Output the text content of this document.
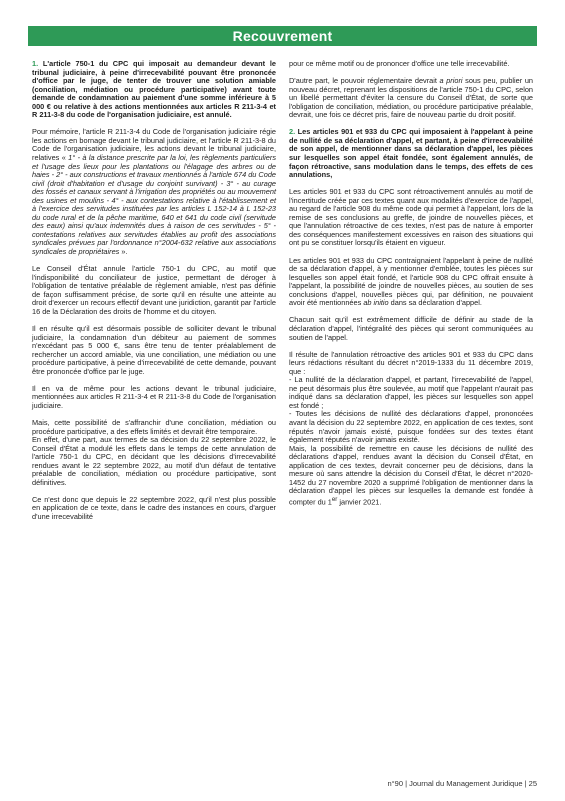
Recouvrement

1. L'article 750-1 du CPC qui imposait au demandeur devant le tribunal judiciaire, à peine d'irrecevabilité pouvant être prononcée d'office par le juge, de tenter de trouver une solution amiable (conciliation, médiation ou procédure participative) avant toute demande de condamnation au paiement d'une somme inférieure à 5 000 € ou relative à des actions mentionnées aux articles R 211-3-4 et R 211-3-8 du code de l'organisation judiciaire, est annulé.

Pour mémoire, l'article R 211-3-4 du Code de l'organisation judiciaire régie les actions en bornage devant le tribunal judiciaire, et l'article R 211-3-8 du Code de l'organisation judiciaire, les actions devant le tribunal judiciaire, relatives « 1° - à la distance prescrite par la loi, les règlements particuliers et l'usage des lieux pour les plantations ou l'élagage des arbres ou de haies - 2° - aux constructions et travaux mentionnés à l'article 674 du Code civil (droit d'habitation et d'usage du conjoint survivant) - 3° - au curage des fossés et canaux servant à l'irrigation des propriétés ou au mouvement des usines et moulins - 4° - aux contestations relative à l'établissement et à l'exercice des servitudes instituées par les articles L 152-14 à L 152-23 du code rural et de la pêche maritime, 640 et 641 du code civil (servitude des eaux) ainsi qu'aux indemnités dues à raison de ces servitudes - 5° - contestations relatives aux servitudes établies au profit des associations syndicales prévues par l'ordonnance n°2004-632 relative aux associations syndicales de propriétaires ».

Le Conseil d'État annule l'article 750-1 du CPC, au motif que l'indisponibilité du conciliateur de justice, permettant de déroger à l'obligation de tentative préalable de règlement amiable, n'est pas définie de façon suffisamment précise, de sorte qu'il en résulte une atteinte au droit d'exercer un recours effectif devant une juridiction, garantit par l'article 16 de la Déclaration des droits de l'homme et du citoyen.

Il en résulte qu'il est désormais possible de solliciter devant le tribunal judiciaire, la condamnation d'un débiteur au paiement de sommes n'excédant pas 5 000 €, sans être tenu de tenter préalablement de rechercher un accord amiable, via une conciliation, une médiation ou une procédure participative, à peine d'irrecevabilité de cette demande, pouvant être prononcée d'office par le juge.

Il en va de même pour les actions devant le tribunal judiciaire, mentionnées aux articles R 211-3-4 et R 211-3-8 du Code de l'organisation judiciaire.

Mais, cette possibilité de s'affranchir d'une conciliation, médiation ou procédure participative, a des effets limités et devrait être temporaire.

En effet, d'une part, aux termes de sa décision du 22 septembre 2022, le Conseil d'État a modulé les effets dans le temps de cette annulation de l'article 750-1 du CPC, en décidant que les décisions d'irrecevabilité rendues avant le 22 septembre 2022, au motif d'un défaut de tentative préalable de conciliation, médiation ou procédure participative, sont définitives.

Ce n'est donc que depuis le 22 septembre 2022, qu'il n'est plus possible en application de ce texte, dans le cadre des instances en cours, d'arguer d'une irrecevabilité

pour ce même motif ou de prononcer d'office une telle irrecevabilité.

D'autre part, le pouvoir réglementaire devrait a priori sous peu, publier un nouveau décret, reprenant les dispositions de l'article 750-1 du CPC, selon un libellé permettant d'éviter la censure du Conseil d'État, de sorte que l'obligation de conciliation, médiation, ou procédure participative préalable, devrait, une fois ce décret pris, faire de nouveau partie du droit positif.

2. Les articles 901 et 933 du CPC qui imposaient à l'appelant à peine de nullité de sa déclaration d'appel, et partant, à peine d'irrecevabilité de son appel, de mentionner dans sa déclaration d'appel, les pièces sur lesquelles son appel était fondée, sont également annulés, de façon rétroactive, sans modulation dans le temps, des effets de ces annulations,

Les articles 901 et 933 du CPC sont rétroactivement annulés au motif de l'incertitude créée par ces textes quant aux modalités d'exercice de l'appel, au regard de l'article 908 du même code qui permet à l'appelant, lors de la remise de ses conclusions au greffe, de joindre de nouvelles pièces, et que l'annulation rétroactive de ces textes, n'est pas de nature à emporter des conséquences manifestement excessives en raison des situations qui ont pu se constituer lorsqu'ils étaient en vigueur.

Les articles 901 et 933 du CPC contraignaient l'appelant à peine de nullité de sa déclaration d'appel, à y mentionner d'emblée, toutes les pièces sur lesquelles son appel était fondé, et l'article 908 du CPC offrait ensuite à l'appelant, la possibilité de joindre de nouvelles pièces, au soutien de ses conclusions d'appel, nouvelles pièces qui, par définition, ne pouvaient avoir été mentionnées ab initio dans sa déclaration d'appel.

Chacun sait qu'il est extrêmement difficile de définir au stade de la déclaration d'appel, l'intégralité des pièces qui seront communiquées au soutien de l'appel.

Il résulte de l'annulation rétroactive des articles 901 et 933 du CPC dans leurs rédactions résultant du décret n°2019-1333 du 11 décembre 2019, que :

- La nullité de la déclaration d'appel, et partant, l'irrecevabilité de l'appel, ne peut désormais plus être soulevée, au motif que l'appelant n'aurait pas indiqué dans sa déclaration d'appel, les pièces sur lesquelles son appel est fondé ;

- Toutes les décisions de nullité des déclarations d'appel, prononcées avant la décision du 22 septembre 2022, en application de ces textes, sont réputés n'avoir jamais existé, puisque fondées sur des textes étant également réputés n'avoir jamais existé.

Mais, la possibilité de remettre en cause les décisions de nullité des déclarations d'appel, rendues avant la décision du Conseil d'État, en application de ces textes, devrait concerner peu de décisions, dans la mesure où sans attendre la décision du Conseil d'État, le décret n°2020-1452 du 27 novembre 2020 a supprimé l'obligation de mentionner dans la déclaration d'appel les pièces sur lesquelles la demande est fondée à compter du 1er janvier 2021.

n°90 | Journal du Management Juridique | 25
